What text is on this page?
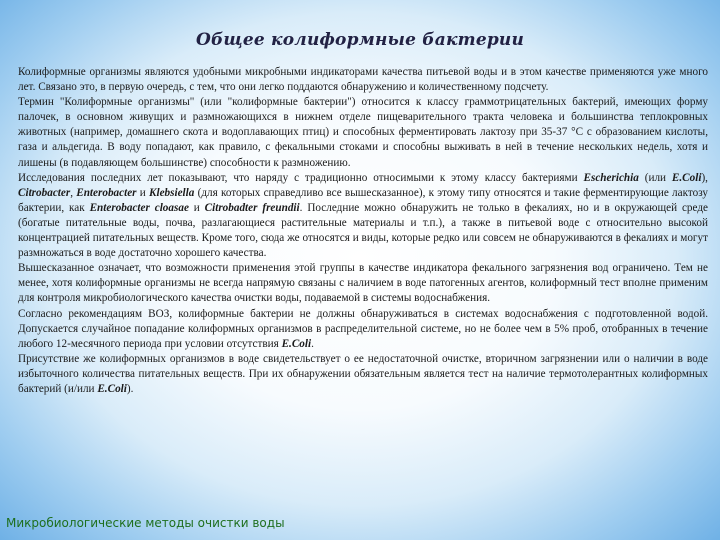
Общее колиформные бактерии

Колиформные организмы являются удобными микробными индикаторами качества питьевой воды и в этом качестве применяются уже много лет. Связано это, в первую очередь, с тем, что они легко поддаются обнаружению и количественному подсчету.

Термин "Колиформные организмы" (или "колиформные бактерии") относится к классу граммотрицательных бактерий, имеющих форму палочек, в основном живущих и размножающихся в нижнем отделе пищеварительного тракта человека и большинства теплокровных животных (например, домашнего скота и водоплавающих птиц) и способных ферментировать лактозу при 35-37 °C с образованием кислоты, газа и альдегида. В воду попадают, как правило, с фекальными стоками и способны выживать в ней в течение нескольких недель, хотя и лишены (в подавляющем большинстве) способности к размножению.

Исследования последних лет показывают, что наряду с традиционно относимыми к этому классу бактериями Escherichia (или E.Coli), Citrobacter, Enterobacter и Klebsiella (для которых справедливо все вышесказанное), к этому типу относятся и такие ферментирующие лактозу бактерии, как Enterobacter cloasae и Citrobadter freundii. Последние можно обнаружить не только в фекалиях, но и в окружающей среде (богатые питательные воды, почва, разлагающиеся растительные материалы и т.п.), а также в питьевой воде с относительно высокой концентрацией питательных веществ. Кроме того, сюда же относятся и виды, которые редко или совсем не обнаруживаются в фекалиях и могут размножаться в воде достаточно хорошего качества.

Вышесказанное означает, что возможности применения этой группы в качестве индикатора фекального загрязнения вод ограничено. Тем не менее, хотя колиформные организмы не всегда напрямую связаны с наличием в воде патогенных агентов, колиформный тест вполне применим для контроля микробиологического качества очистки воды, подаваемой в системы водоснабжения.

Согласно рекомендациям ВОЗ, колиформные бактерии не должны обнаруживаться в системах водоснабжения с подготовленной водой. Допускается случайное попадание колиформных организмов в распределительной системе, но не более чем в 5% проб, отобранных в течение любого 12-месячного периода при условии отсутствия E.Coli.

Присутствие же колиформных организмов в воде свидетельствует о ее недостаточной очистке, вторичном загрязнении или о наличии в воде избыточного количества питательных веществ. При их обнаружении обязательным является тест на наличие термотолерантных колиформных бактерий (и/или E.Coli).

Микробиологические методы очистки воды
